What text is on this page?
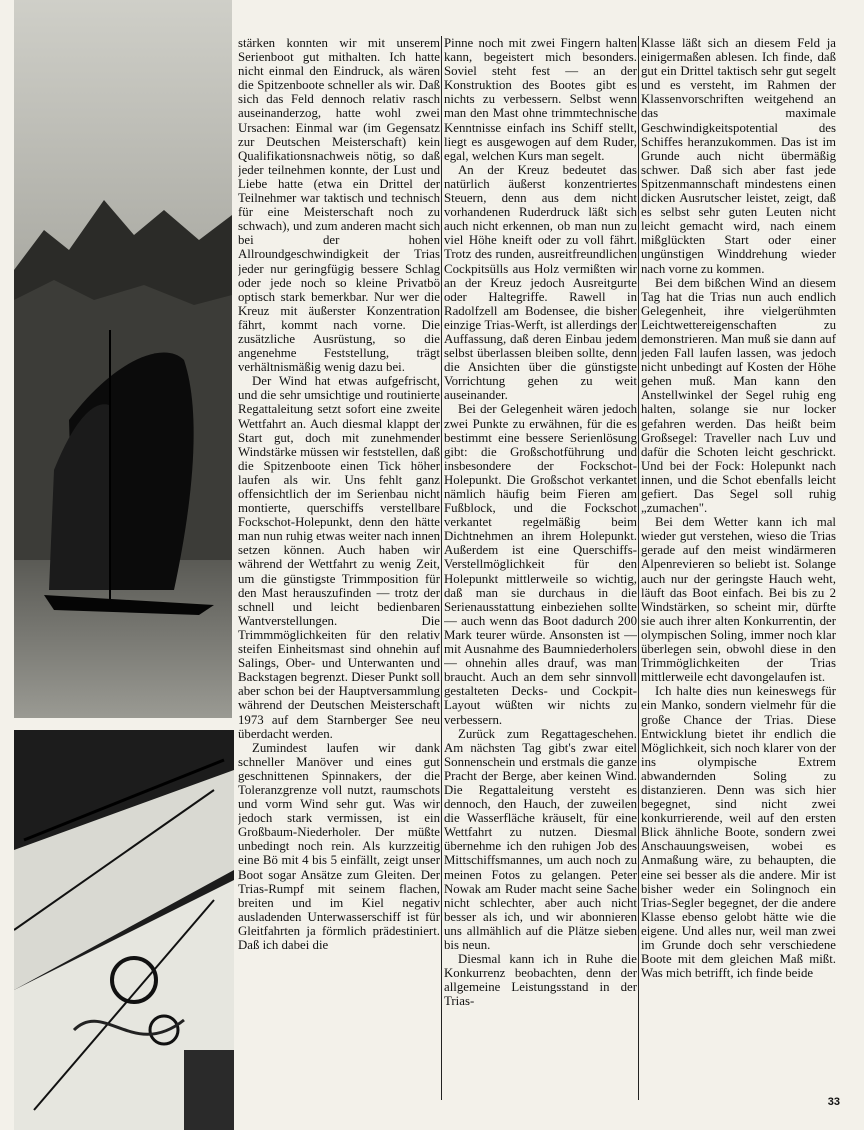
stärken konnten wir mit unserem Serienboot gut mithalten. Ich hatte nicht einmal den Eindruck, als wären die Spitzenboote schneller als wir. Daß sich das Feld dennoch relativ rasch auseinanderzog, hatte wohl zwei Ursachen: Einmal war (im Gegensatz zur Deutschen Meisterschaft) kein Qualifikationsnachweis nötig, so daß jeder teilnehmen konnte, der Lust und Liebe hatte (etwa ein Drittel der Teilnehmer war taktisch und technisch für eine Meisterschaft noch zu schwach), und zum anderen macht sich bei der hohen Allroundgeschwindigkeit der Trias jeder nur geringfügig bessere Schlag oder jede noch so kleine Privatbö optisch stark bemerkbar. Nur wer die Kreuz mit äußerster Konzentration fährt, kommt nach vorne. Die zusätzliche Ausrüstung, so die angenehme Feststellung, trägt verhältnismäßig wenig dazu bei.

Der Wind hat etwas aufgefrischt, und die sehr umsichtige und routinierte Regattaleitung setzt sofort eine zweite Wettfahrt an. Auch diesmal klappt der Start gut, doch mit zunehmender Windstärke müssen wir feststellen, daß die Spitzenboote einen Tick höher laufen als wir. Uns fehlt ganz offensichtlich der im Serienbau nicht montierte, querschiffs verstellbare Fockschot-Holepunkt, denn den hätte man nun ruhig etwas weiter nach innen setzen können. Auch haben wir während der Wettfahrt zu wenig Zeit, um die günstigste Trimmposition für den Mast herauszufinden — trotz der schnell und leicht bedienbaren Wantverstellungen. Die Trimmmöglichkeiten für den relativ steifen Einheitsmast sind ohnehin auf Salings, Ober- und Unterwanten und Backstagen begrenzt. Dieser Punkt soll aber schon bei der Hauptversammlung während der Deutschen Meisterschaft 1973 auf dem Starnberger See neu überdacht werden.

Zumindest laufen wir dank schneller Manöver und eines gut geschnittenen Spinnakers, der die Toleranzgrenze voll nutzt, raumschots und vorm Wind sehr gut. Was wir jedoch stark vermissen, ist ein Großbaum-Niederholer. Der müßte unbedingt noch rein. Als kurzzeitig eine Bö mit 4 bis 5 einfällt, zeigt unser Boot sogar Ansätze zum Gleiten. Der Trias-Rumpf mit seinem flachen, breiten und im Kiel negativ ausladenden Unterwasserschiff ist für Gleitfahrten ja förmlich prädestiniert. Daß ich dabei die

Pinne noch mit zwei Fingern halten kann, begeistert mich besonders. Soviel steht fest — an der Konstruktion des Bootes gibt es nichts zu verbessern. Selbst wenn man den Mast ohne trimmtechnische Kenntnisse einfach ins Schiff stellt, liegt es ausgewogen auf dem Ruder, egal, welchen Kurs man segelt.

An der Kreuz bedeutet das natürlich äußerst konzentriertes Steuern, denn aus dem nicht vorhandenen Ruderdruck läßt sich auch nicht erkennen, ob man nun zu viel Höhe kneift oder zu voll fährt. Trotz des runden, ausreitfreundlichen Cockpitsülls aus Holz vermißten wir an der Kreuz jedoch Ausreitgurte oder Haltegriffe. Rawell in Radolfzell am Bodensee, die bisher einzige Trias-Werft, ist allerdings der Auffassung, daß deren Einbau jedem selbst überlassen bleiben sollte, denn die Ansichten über die günstigste Vorrichtung gehen zu weit auseinander.

Bei der Gelegenheit wären jedoch zwei Punkte zu erwähnen, für die es bestimmt eine bessere Serienlösung gibt: die Großschotführung und insbesondere der Fockschot-Holepunkt. Die Großschot verkantet nämlich häufig beim Fieren am Fußblock, und die Fockschot verkantet regelmäßig beim Dichtnehmen an ihrem Holepunkt. Außerdem ist eine Querschiffs-Verstellmöglichkeit für den Holepunkt mittlerweile so wichtig, daß man sie durchaus in die Serienausstattung einbeziehen sollte — auch wenn das Boot dadurch 200 Mark teurer würde. Ansonsten ist — mit Ausnahme des Baumniederholers — ohnehin alles drauf, was man braucht. Auch an dem sehr sinnvoll gestalteten Decks- und Cockpit-Layout wüßten wir nichts zu verbessern.

Zurück zum Regattageschehen. Am nächsten Tag gibt's zwar eitel Sonnenschein und erstmals die ganze Pracht der Berge, aber keinen Wind. Die Regattaleitung versteht es dennoch, den Hauch, der zuweilen die Wasserfläche kräuselt, für eine Wettfahrt zu nutzen. Diesmal übernehme ich den ruhigen Job des Mittschiffsmannes, um auch noch zu meinen Fotos zu gelangen. Peter Nowak am Ruder macht seine Sache nicht schlechter, aber auch nicht besser als ich, und wir abonnieren uns allmählich auf die Plätze sieben bis neun.

Diesmal kann ich in Ruhe die Konkurrenz beobachten, denn der allgemeine Leistungsstand in der Trias-

Klasse läßt sich an diesem Feld ja einigermaßen ablesen. Ich finde, daß gut ein Drittel taktisch sehr gut segelt und es versteht, im Rahmen der Klassenvorschriften weitgehend an das maximale Geschwindigkeitspotential des Schiffes heranzukommen. Das ist im Grunde auch nicht übermäßig schwer. Daß sich aber fast jede Spitzenmannschaft mindestens einen dicken Ausrutscher leistet, zeigt, daß es selbst sehr guten Leuten nicht leicht gemacht wird, nach einem mißglückten Start oder einer ungünstigen Winddrehung wieder nach vorne zu kommen.

Bei dem bißchen Wind an diesem Tag hat die Trias nun auch endlich Gelegenheit, ihre vielgerühmten Leichtwettereigenschaften zu demonstrieren. Man muß sie dann auf jeden Fall laufen lassen, was jedoch nicht unbedingt auf Kosten der Höhe gehen muß. Man kann den Anstellwinkel der Segel ruhig eng halten, solange sie nur locker gefahren werden. Das heißt beim Großsegel: Traveller nach Luv und dafür die Schoten leicht geschrickt. Und bei der Fock: Holepunkt nach innen, und die Schot ebenfalls leicht gefiert. Das Segel soll ruhig „zumachen".

Bei dem Wetter kann ich mal wieder gut verstehen, wieso die Trias gerade auf den meist windärmeren Alpenrevieren so beliebt ist. Solange auch nur der geringste Hauch weht, läuft das Boot einfach. Bei bis zu 2 Windstärken, so scheint mir, dürfte sie auch ihrer alten Konkurrentin, der olympischen Soling, immer noch klar überlegen sein, obwohl diese in den Trimmöglichkeiten der Trias mittlerweile echt davongelaufen ist.

Ich halte dies nun keineswegs für ein Manko, sondern vielmehr für die große Chance der Trias. Diese Entwicklung bietet ihr endlich die Möglichkeit, sich noch klarer von der ins olympische Extrem abwandernden Soling zu distanzieren. Denn was sich hier begegnet, sind nicht zwei konkurrierende, weil auf den ersten Blick ähnliche Boote, sondern zwei Anschauungsweisen, wobei es Anmaßung wäre, zu behaupten, die eine sei besser als die andere. Mir ist bisher weder ein Solingnoch ein Trias-Segler begegnet, der die andere Klasse ebenso gelobt hätte wie die eigene. Und alles nur, weil man zwei im Grunde doch sehr verschiedene Boote mit dem gleichen Maß mißt. Was mich betrifft, ich finde beide

33
